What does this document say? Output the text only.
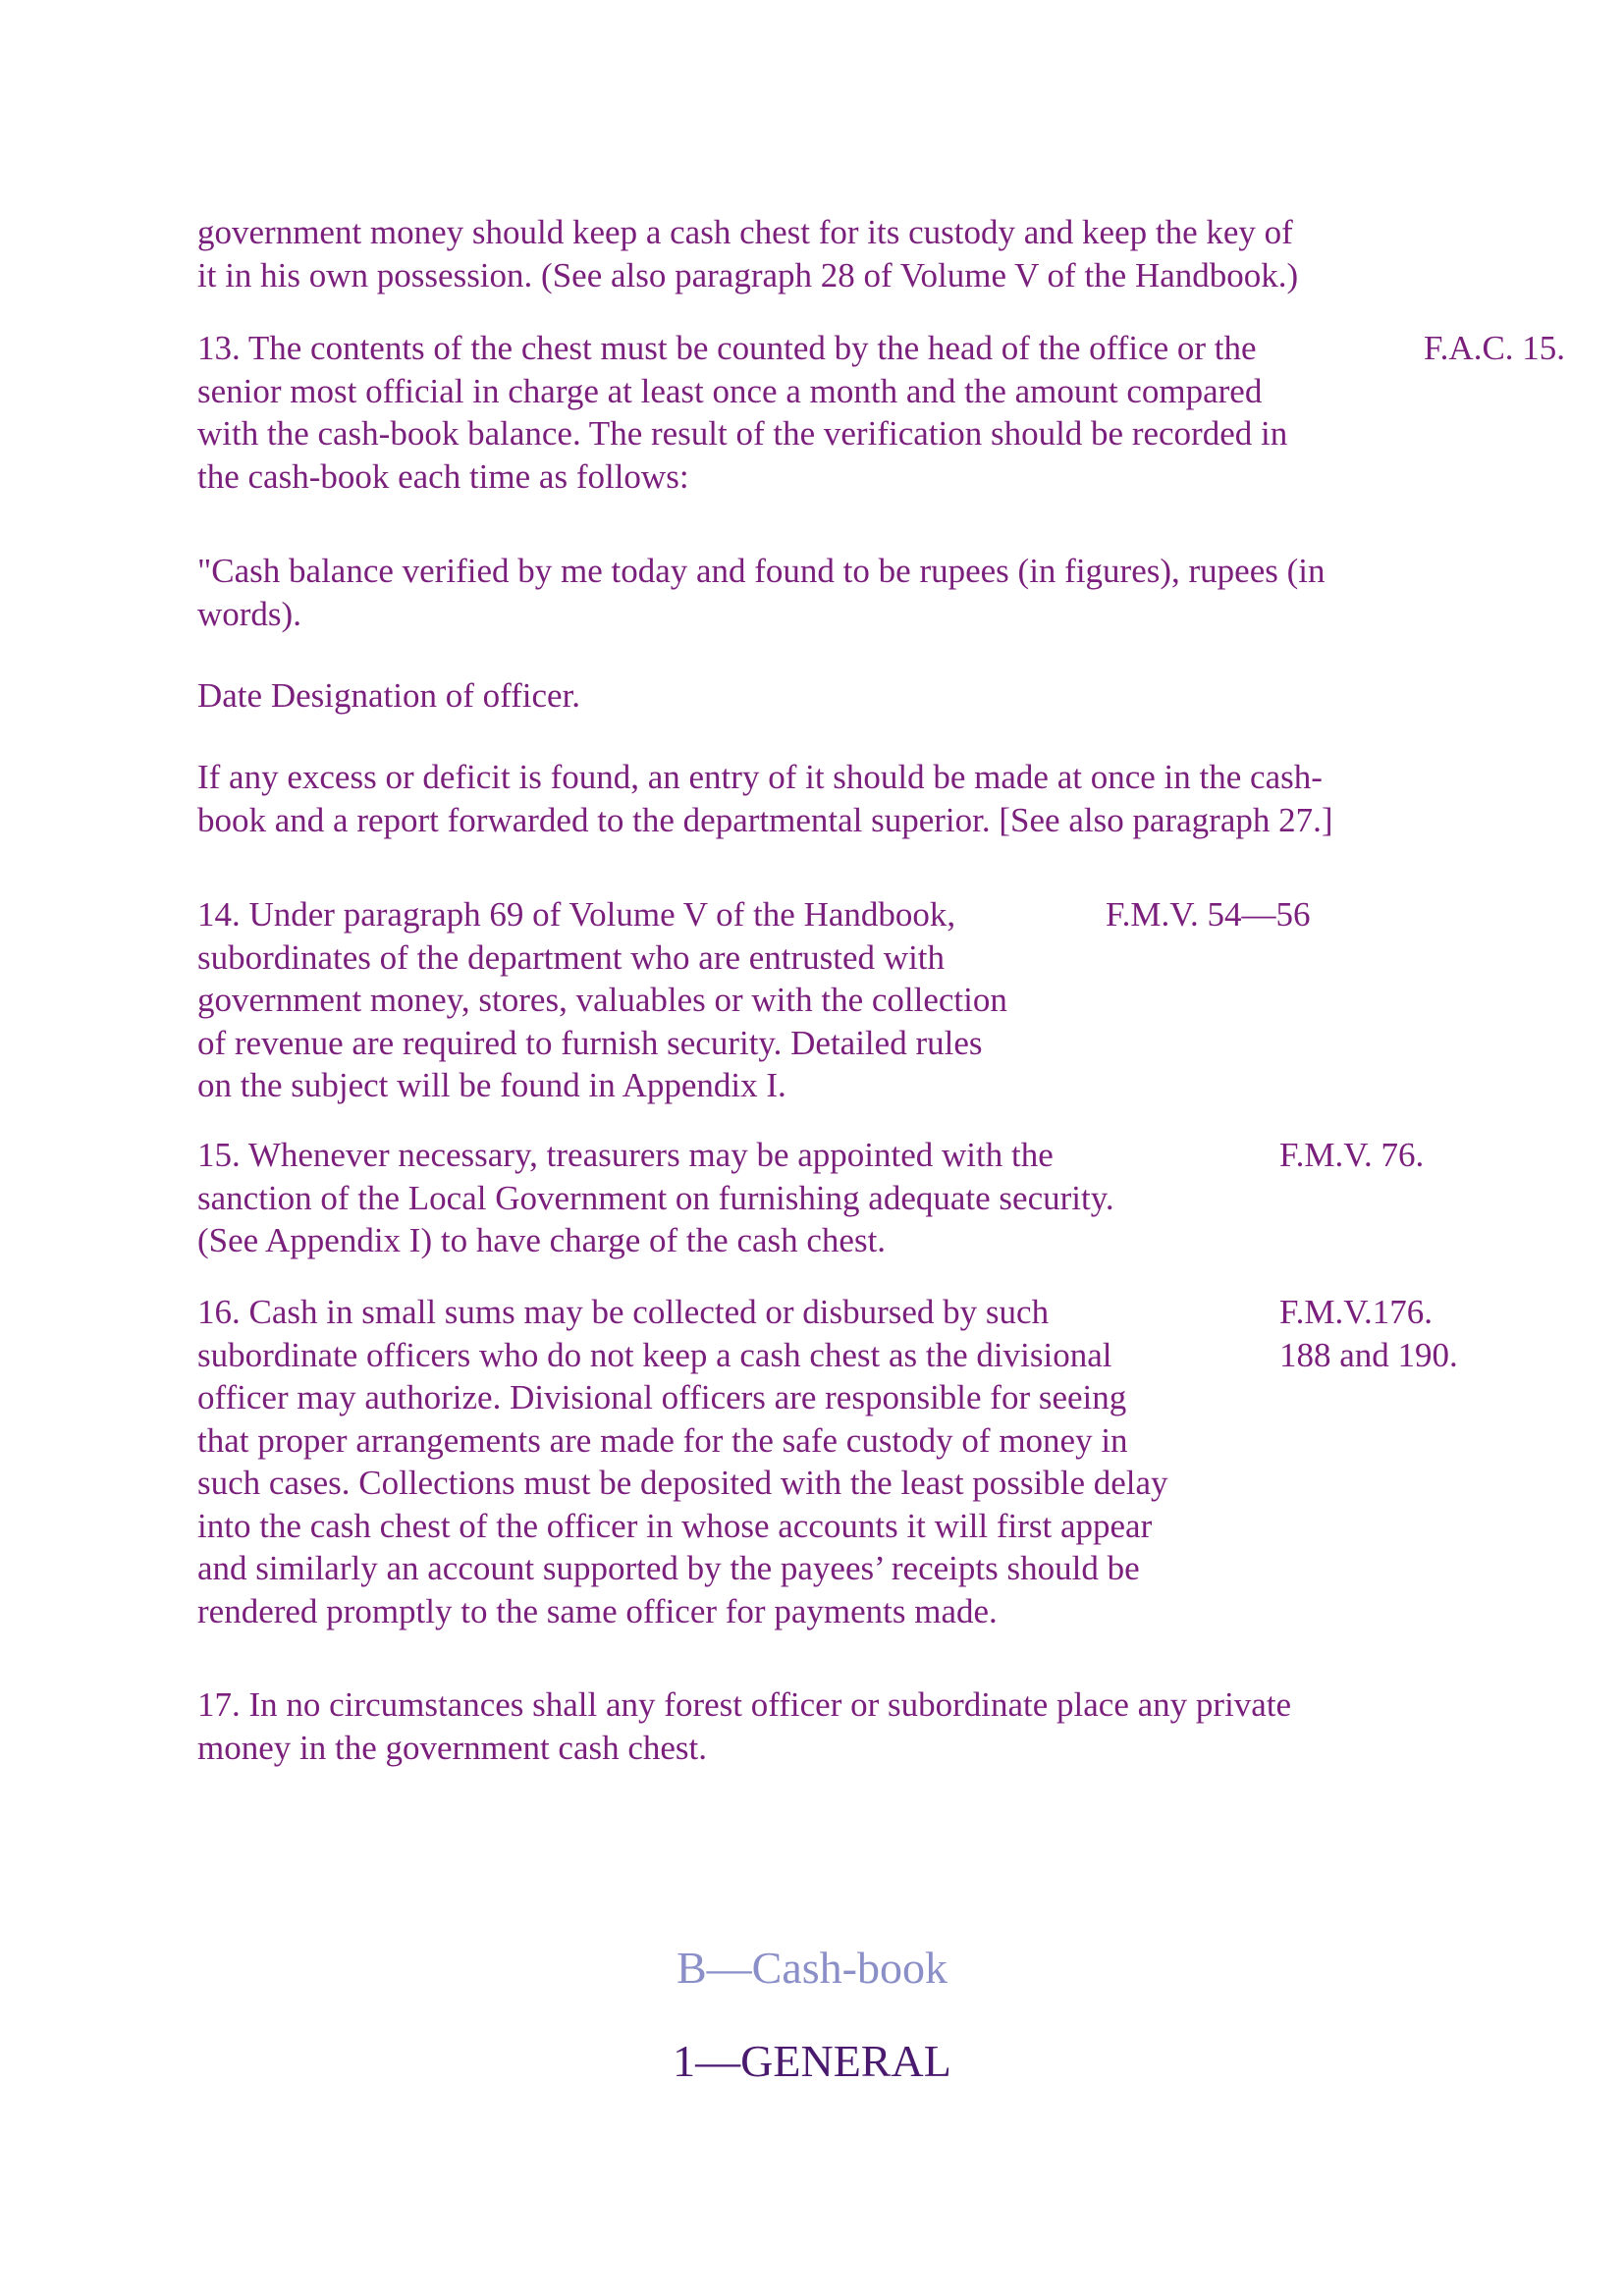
government money should keep a cash chest for its custody and keep the key of
it in his own possession. (See also paragraph 28 of Volume V of the Handbook.)
13. The contents of the chest must be counted by the head of the office or the
senior most official in charge at least once a month and the amount compared
with the cash-book balance. The result of the verification should be recorded in
the cash-book each time as follows:
F.A.C. 15.
"Cash balance verified by me today and found to be rupees (in figures), rupees (in
words).
Date Designation of officer.
If any excess or deficit is found, an entry of it should be made at once in the cash-
book and a report forwarded to the departmental superior. [See also paragraph 27.]
14. Under paragraph 69 of Volume V of the Handbook,
subordinates of the department who are entrusted with
government money, stores, valuables or with the collection
of revenue are required to furnish security. Detailed rules
on the subject will be found in Appendix I.
F.M.V. 54—56
15. Whenever necessary, treasurers may be appointed with the
sanction of the Local Government on furnishing adequate security.
(See Appendix I) to have charge of the cash chest.
F.M.V. 76.
16. Cash in small sums may be collected or disbursed by such
subordinate officers who do not keep a cash chest as the divisional
officer may authorize. Divisional officers are responsible for seeing
that proper arrangements are made for the safe custody of money in
such cases. Collections must be deposited with the least possible delay
into the cash chest of the officer in whose accounts it will first appear
and similarly an account supported by the payees’ receipts should be
rendered promptly to the same officer for payments made.
F.M.V.176.
188 and 190.
17. In no circumstances shall any forest officer or subordinate place any private
money in the government cash chest.
B—Cash-book
1—GENERAL
